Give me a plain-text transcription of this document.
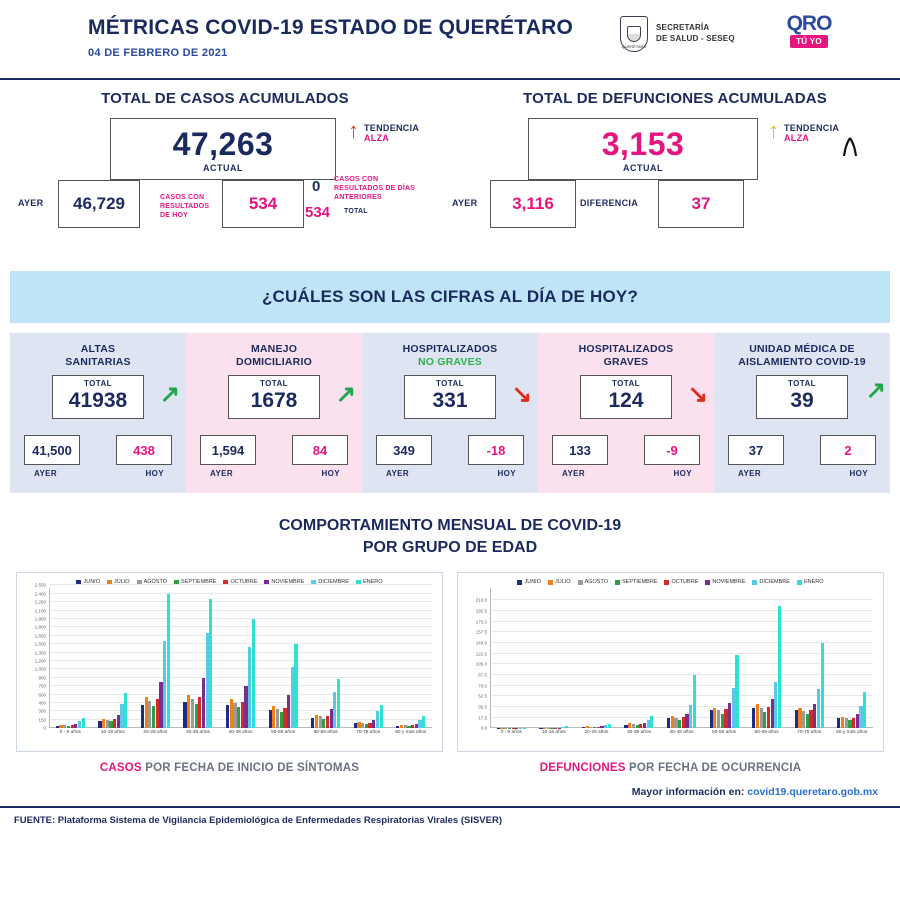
MÉTRICAS COVID-19 ESTADO DE QUERÉTARO
04 DE FEBRERO DE 2021
QUERÉTARO
SECRETARÍA
DE SALUD - SESEQ
QRO
TÚ YO
TOTAL DE CASOS ACUMULADOS
47,263
ACTUAL
↑ TENDENCIA
ALZA
46,729
AYER	534
CASOS CON RESULTADOS DE HOY
0 CASOS CON RESULTADOS DE DÍAS ANTERIORES
534 TOTAL
TOTAL DE DEFUNCIONES ACUMULADAS
3,153
ACTUAL
↑ TENDENCIA
ALZA
3,116
AYER	DIFERENCIA	37
¿CUÁLES SON LAS CIFRAS AL DÍA DE HOY?
ALTAS
SANITARIAS
TOTAL
41938	↗
41,500	438
AYER	HOY
MANEJO
DOMICILIARIO
TOTAL
1678	↗
1,594	84
AYER	HOY
HOSPITALIZADOS
NO GRAVES
TOTAL
331	↘
349	-18
AYER	HOY
HOSPITALIZADOS
GRAVES
TOTAL
124	↘
133	-9
AYER	HOY
UNIDAD MÉDICA DE
AISLAMIENTO COVID-19
TOTAL
39	↗
37	2
AYER	HOY
COMPORTAMIENTO MENSUAL DE COVID-19
POR GRUPO DE EDAD
JUNIO	JULIO	AGOSTO	SEPTIEMBRE	OCTUBRE	NOVIEMBRE	DICIEMBRE	ENERO
0
150
300
450
600
750
900
1,050
1,200
1,350
1,500
1,650
1,800
1,950
2,100
2,250
2,400
2,550
0 - 9 años	10-19 años	20-29 años	30-39 años	40-49 años	50-59 años	60-69 años	70-79 años	80 y mas años
CASOS POR FECHA DE INICIO DE SÍNTOMAS
JUNIO	JULIO	AGOSTO	SEPTIEMBRE	OCTUBRE	NOVIEMBRE	DICIEMBRE	ENERO
0.0
17.5
35.0
52.5
70.0
87.5
105.0
122.5
140.0
157.5
175.0
192.5
210.0
0 - 9 años	10-19 años	20-29 años	30-39 años	40-49 años	50-59 años	60-69 años	70-79 años	80 y más años
DEFUNCIONES POR FECHA DE OCURRENCIA
Mayor información en: covid19.queretaro.gob.mx
FUENTE: Plataforma Sistema de Vigilancia Epidemiológica de Enfermedades Respiratorias Virales (SISVER)
